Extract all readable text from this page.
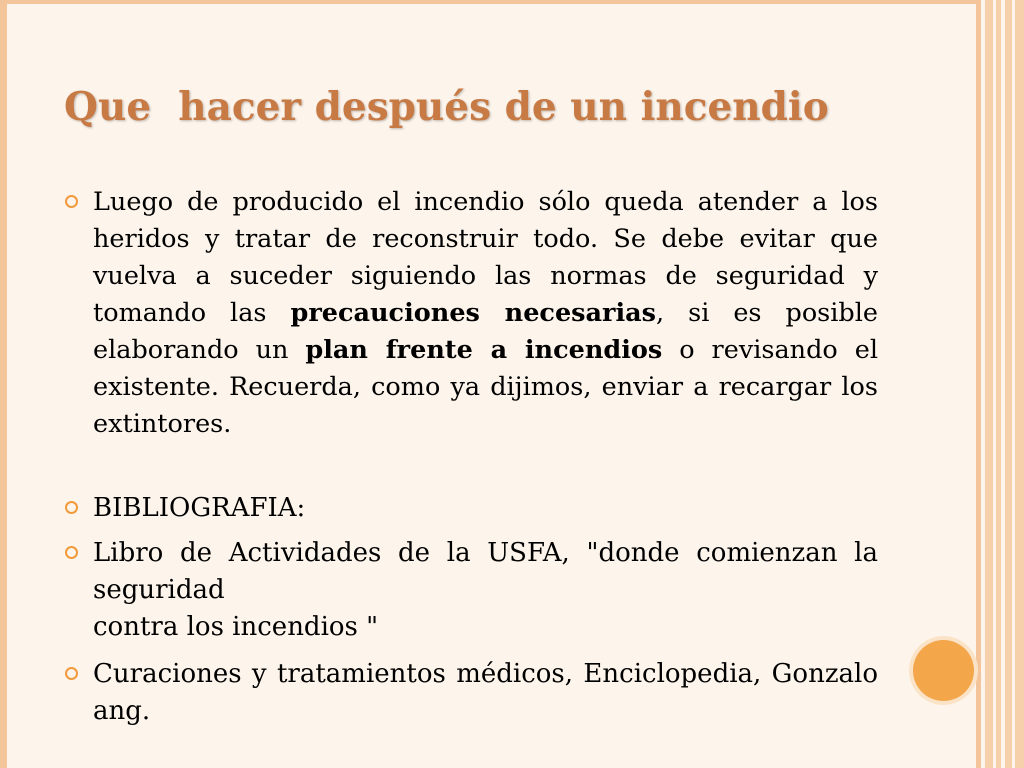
Que  hacer después de un incendio

Luego de producido el incendio sólo queda atender a los heridos y tratar de reconstruir todo. Se debe evitar que vuelva a suceder siguiendo las normas de seguridad y tomando las precauciones necesarias, si es posible elaborando un plan frente a incendios o revisando el existente. Recuerda, como ya dijimos, enviar a recargar los extintores.

BIBLIOGRAFIA:

Libro de Actividades de la USFA, "donde comienzan la seguridad
contra los incendios "

Curaciones y tratamientos médicos, Enciclopedia, Gonzalo ang.
